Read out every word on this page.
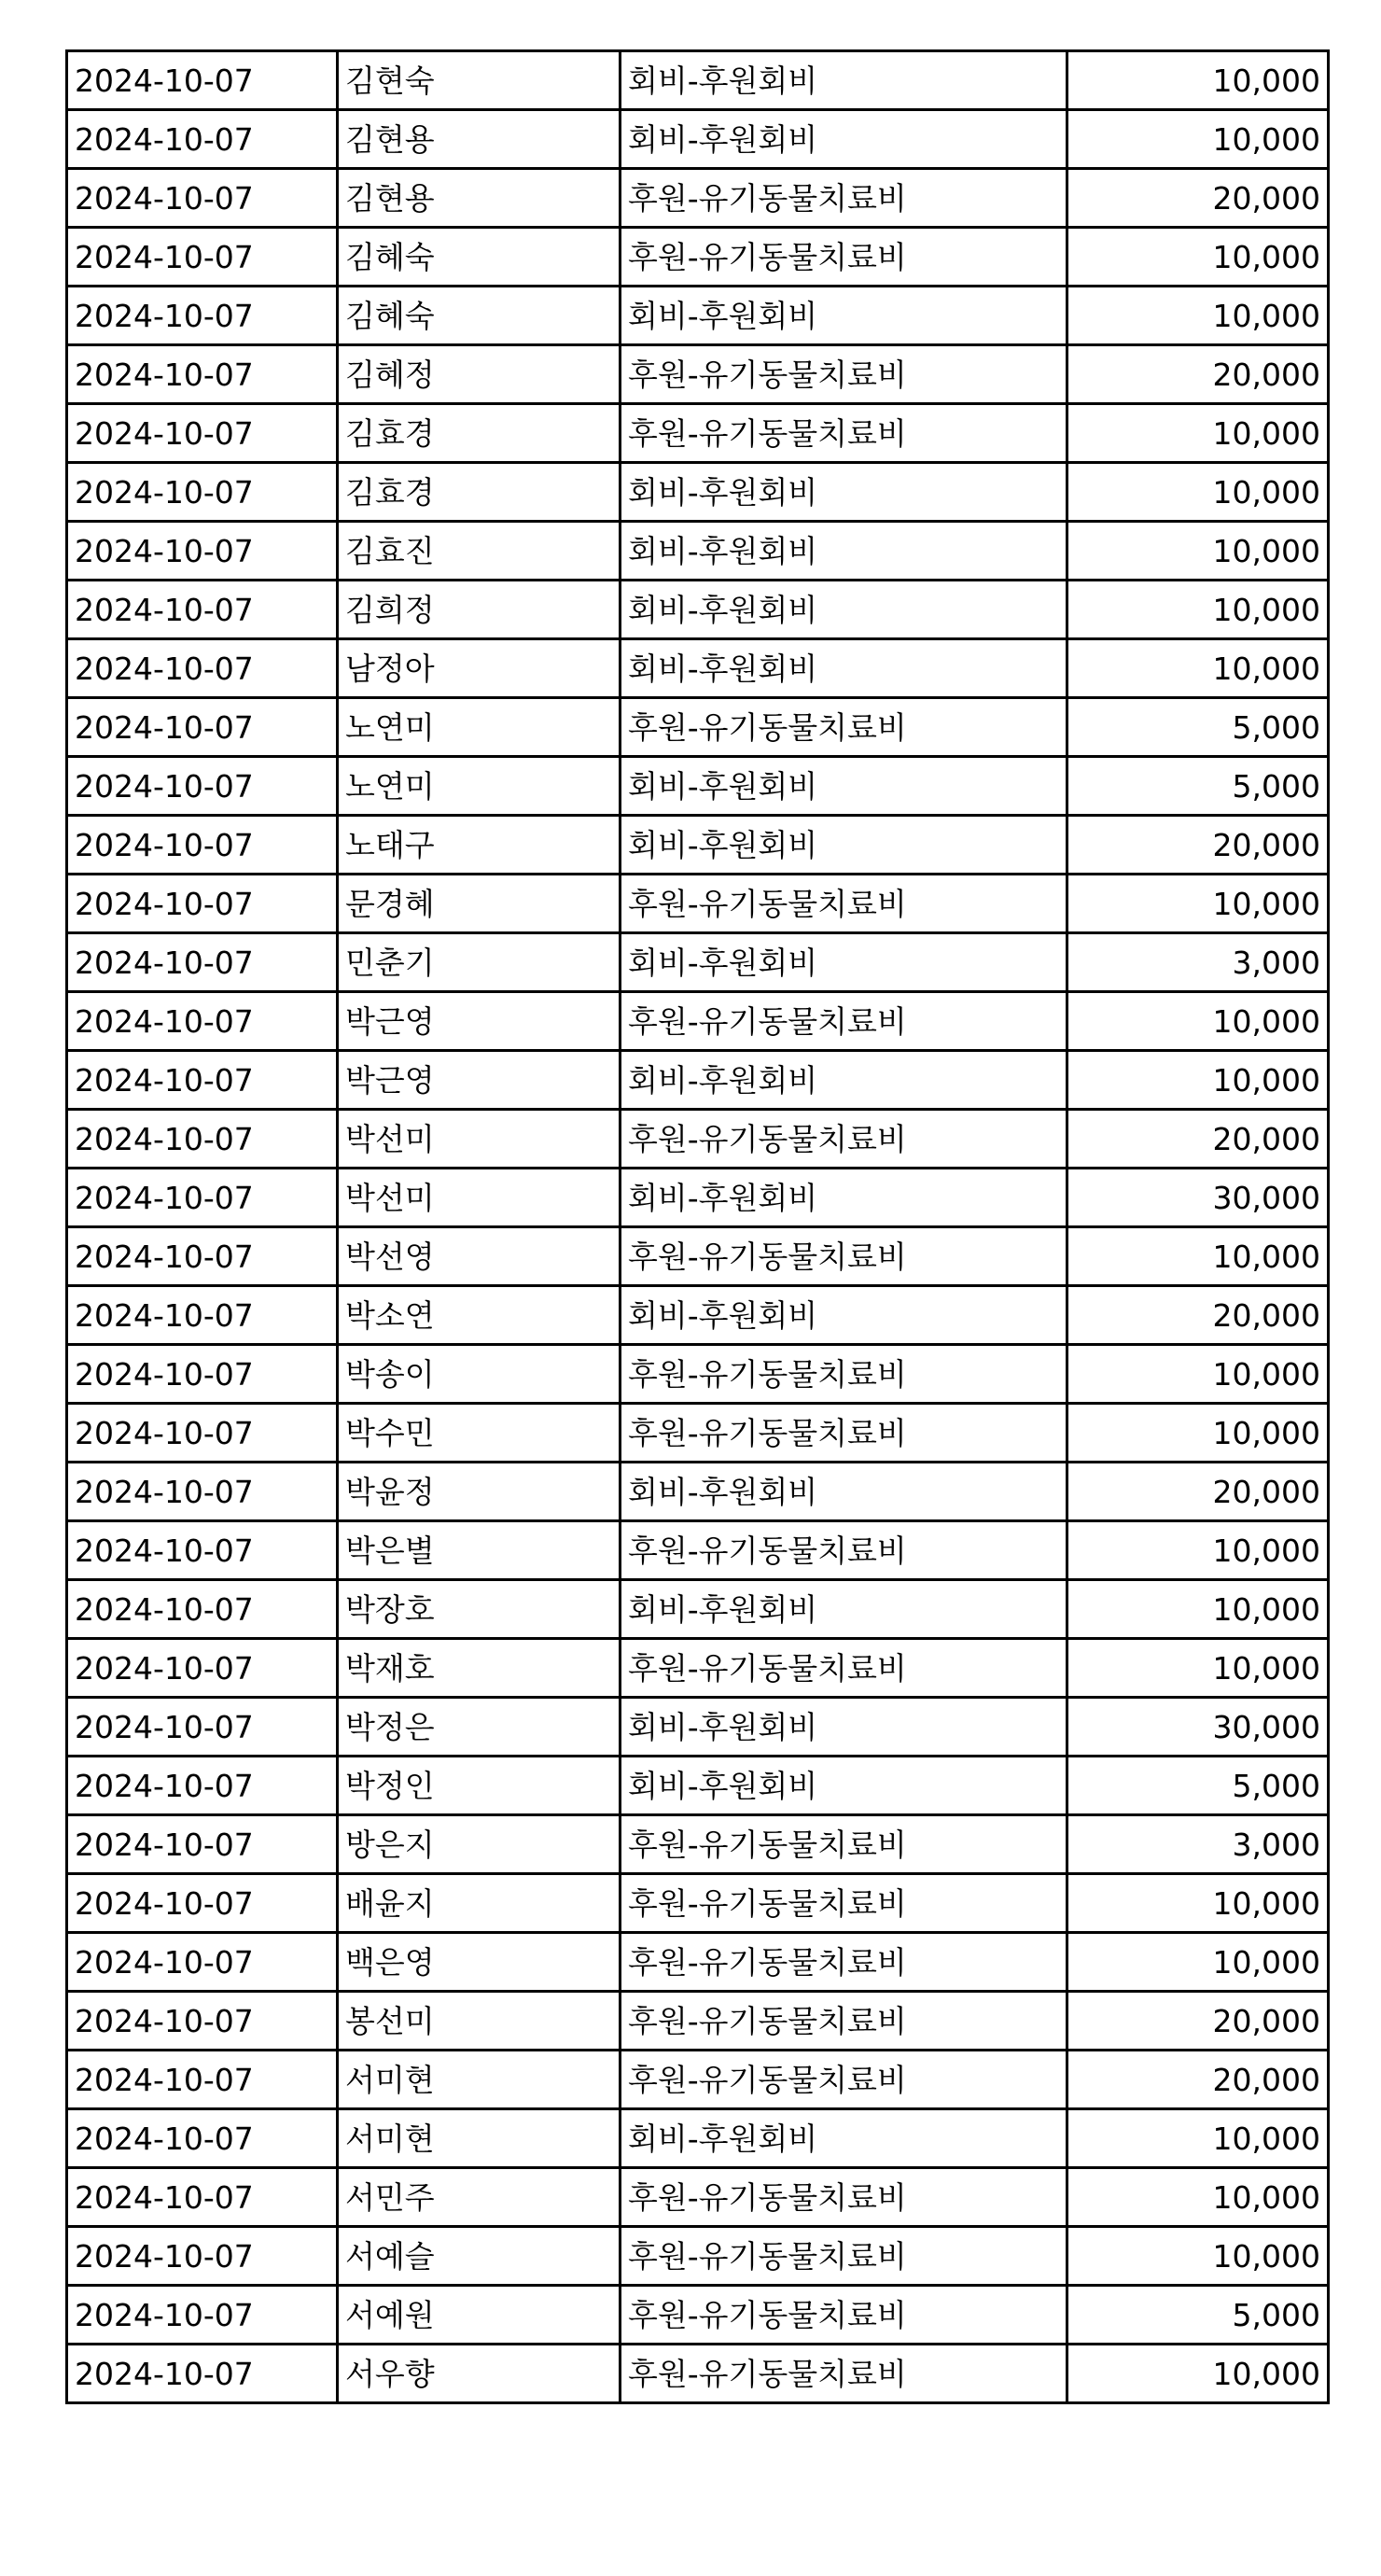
2024-10-07	김현숙	회비-후원회비	10,000
2024-10-07	김현용	회비-후원회비	10,000
2024-10-07	김현용	후원-유기동물치료비	20,000
2024-10-07	김혜숙	후원-유기동물치료비	10,000
2024-10-07	김혜숙	회비-후원회비	10,000
2024-10-07	김혜정	후원-유기동물치료비	20,000
2024-10-07	김효경	후원-유기동물치료비	10,000
2024-10-07	김효경	회비-후원회비	10,000
2024-10-07	김효진	회비-후원회비	10,000
2024-10-07	김희정	회비-후원회비	10,000
2024-10-07	남정아	회비-후원회비	10,000
2024-10-07	노연미	후원-유기동물치료비	5,000
2024-10-07	노연미	회비-후원회비	5,000
2024-10-07	노태구	회비-후원회비	20,000
2024-10-07	문경혜	후원-유기동물치료비	10,000
2024-10-07	민춘기	회비-후원회비	3,000
2024-10-07	박근영	후원-유기동물치료비	10,000
2024-10-07	박근영	회비-후원회비	10,000
2024-10-07	박선미	후원-유기동물치료비	20,000
2024-10-07	박선미	회비-후원회비	30,000
2024-10-07	박선영	후원-유기동물치료비	10,000
2024-10-07	박소연	회비-후원회비	20,000
2024-10-07	박송이	후원-유기동물치료비	10,000
2024-10-07	박수민	후원-유기동물치료비	10,000
2024-10-07	박윤정	회비-후원회비	20,000
2024-10-07	박은별	후원-유기동물치료비	10,000
2024-10-07	박장호	회비-후원회비	10,000
2024-10-07	박재호	후원-유기동물치료비	10,000
2024-10-07	박정은	회비-후원회비	30,000
2024-10-07	박정인	회비-후원회비	5,000
2024-10-07	방은지	후원-유기동물치료비	3,000
2024-10-07	배윤지	후원-유기동물치료비	10,000
2024-10-07	백은영	후원-유기동물치료비	10,000
2024-10-07	봉선미	후원-유기동물치료비	20,000
2024-10-07	서미현	후원-유기동물치료비	20,000
2024-10-07	서미현	회비-후원회비	10,000
2024-10-07	서민주	후원-유기동물치료비	10,000
2024-10-07	서예슬	후원-유기동물치료비	10,000
2024-10-07	서예원	후원-유기동물치료비	5,000
2024-10-07	서우향	후원-유기동물치료비	10,000
